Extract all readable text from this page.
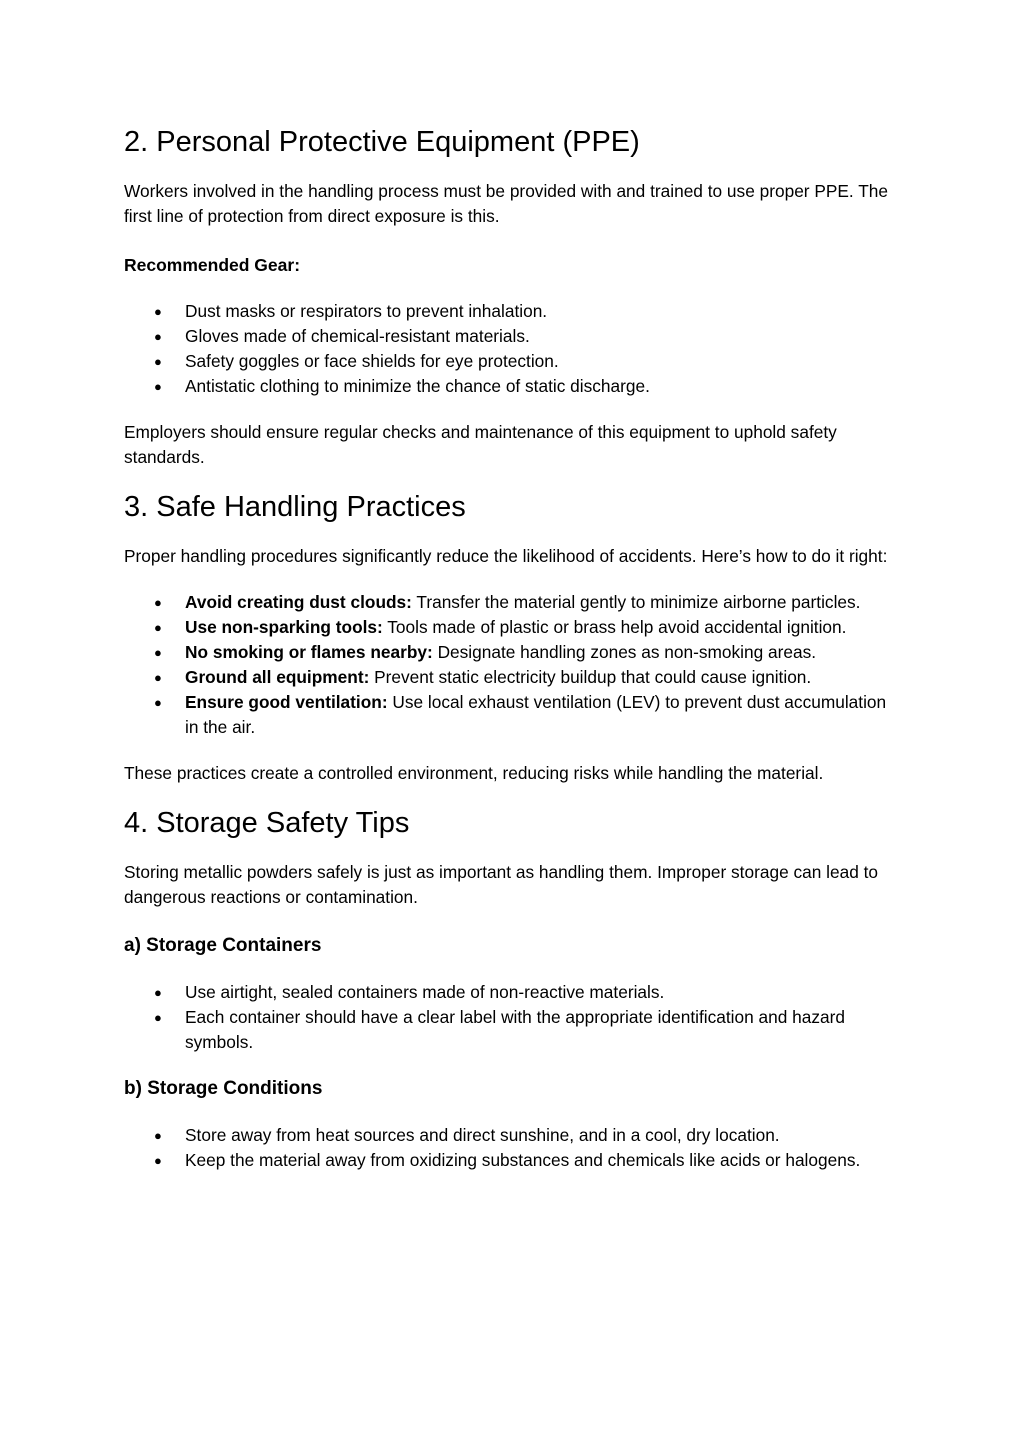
2. Personal Protective Equipment (PPE)

Workers involved in the handling process must be provided with and trained to use proper PPE. The first line of protection from direct exposure is this.

Recommended Gear:
● Dust masks or respirators to prevent inhalation.
● Gloves made of chemical-resistant materials.
● Safety goggles or face shields for eye protection.
● Antistatic clothing to minimize the chance of static discharge.

Employers should ensure regular checks and maintenance of this equipment to uphold safety standards.

3. Safe Handling Practices

Proper handling procedures significantly reduce the likelihood of accidents. Here’s how to do it right:

● Avoid creating dust clouds: Transfer the material gently to minimize airborne particles.
● Use non-sparking tools: Tools made of plastic or brass help avoid accidental ignition.
● No smoking or flames nearby: Designate handling zones as non-smoking areas.
● Ground all equipment: Prevent static electricity buildup that could cause ignition.
● Ensure good ventilation: Use local exhaust ventilation (LEV) to prevent dust accumulation in the air.

These practices create a controlled environment, reducing risks while handling the material.

4. Storage Safety Tips

Storing metallic powders safely is just as important as handling them. Improper storage can lead to dangerous reactions or contamination.

a) Storage Containers
● Use airtight, sealed containers made of non-reactive materials.
● Each container should have a clear label with the appropriate identification and hazard symbols.
b) Storage Conditions
● Store away from heat sources and direct sunshine, and in a cool, dry location.
● Keep the material away from oxidizing substances and chemicals like acids or halogens.
